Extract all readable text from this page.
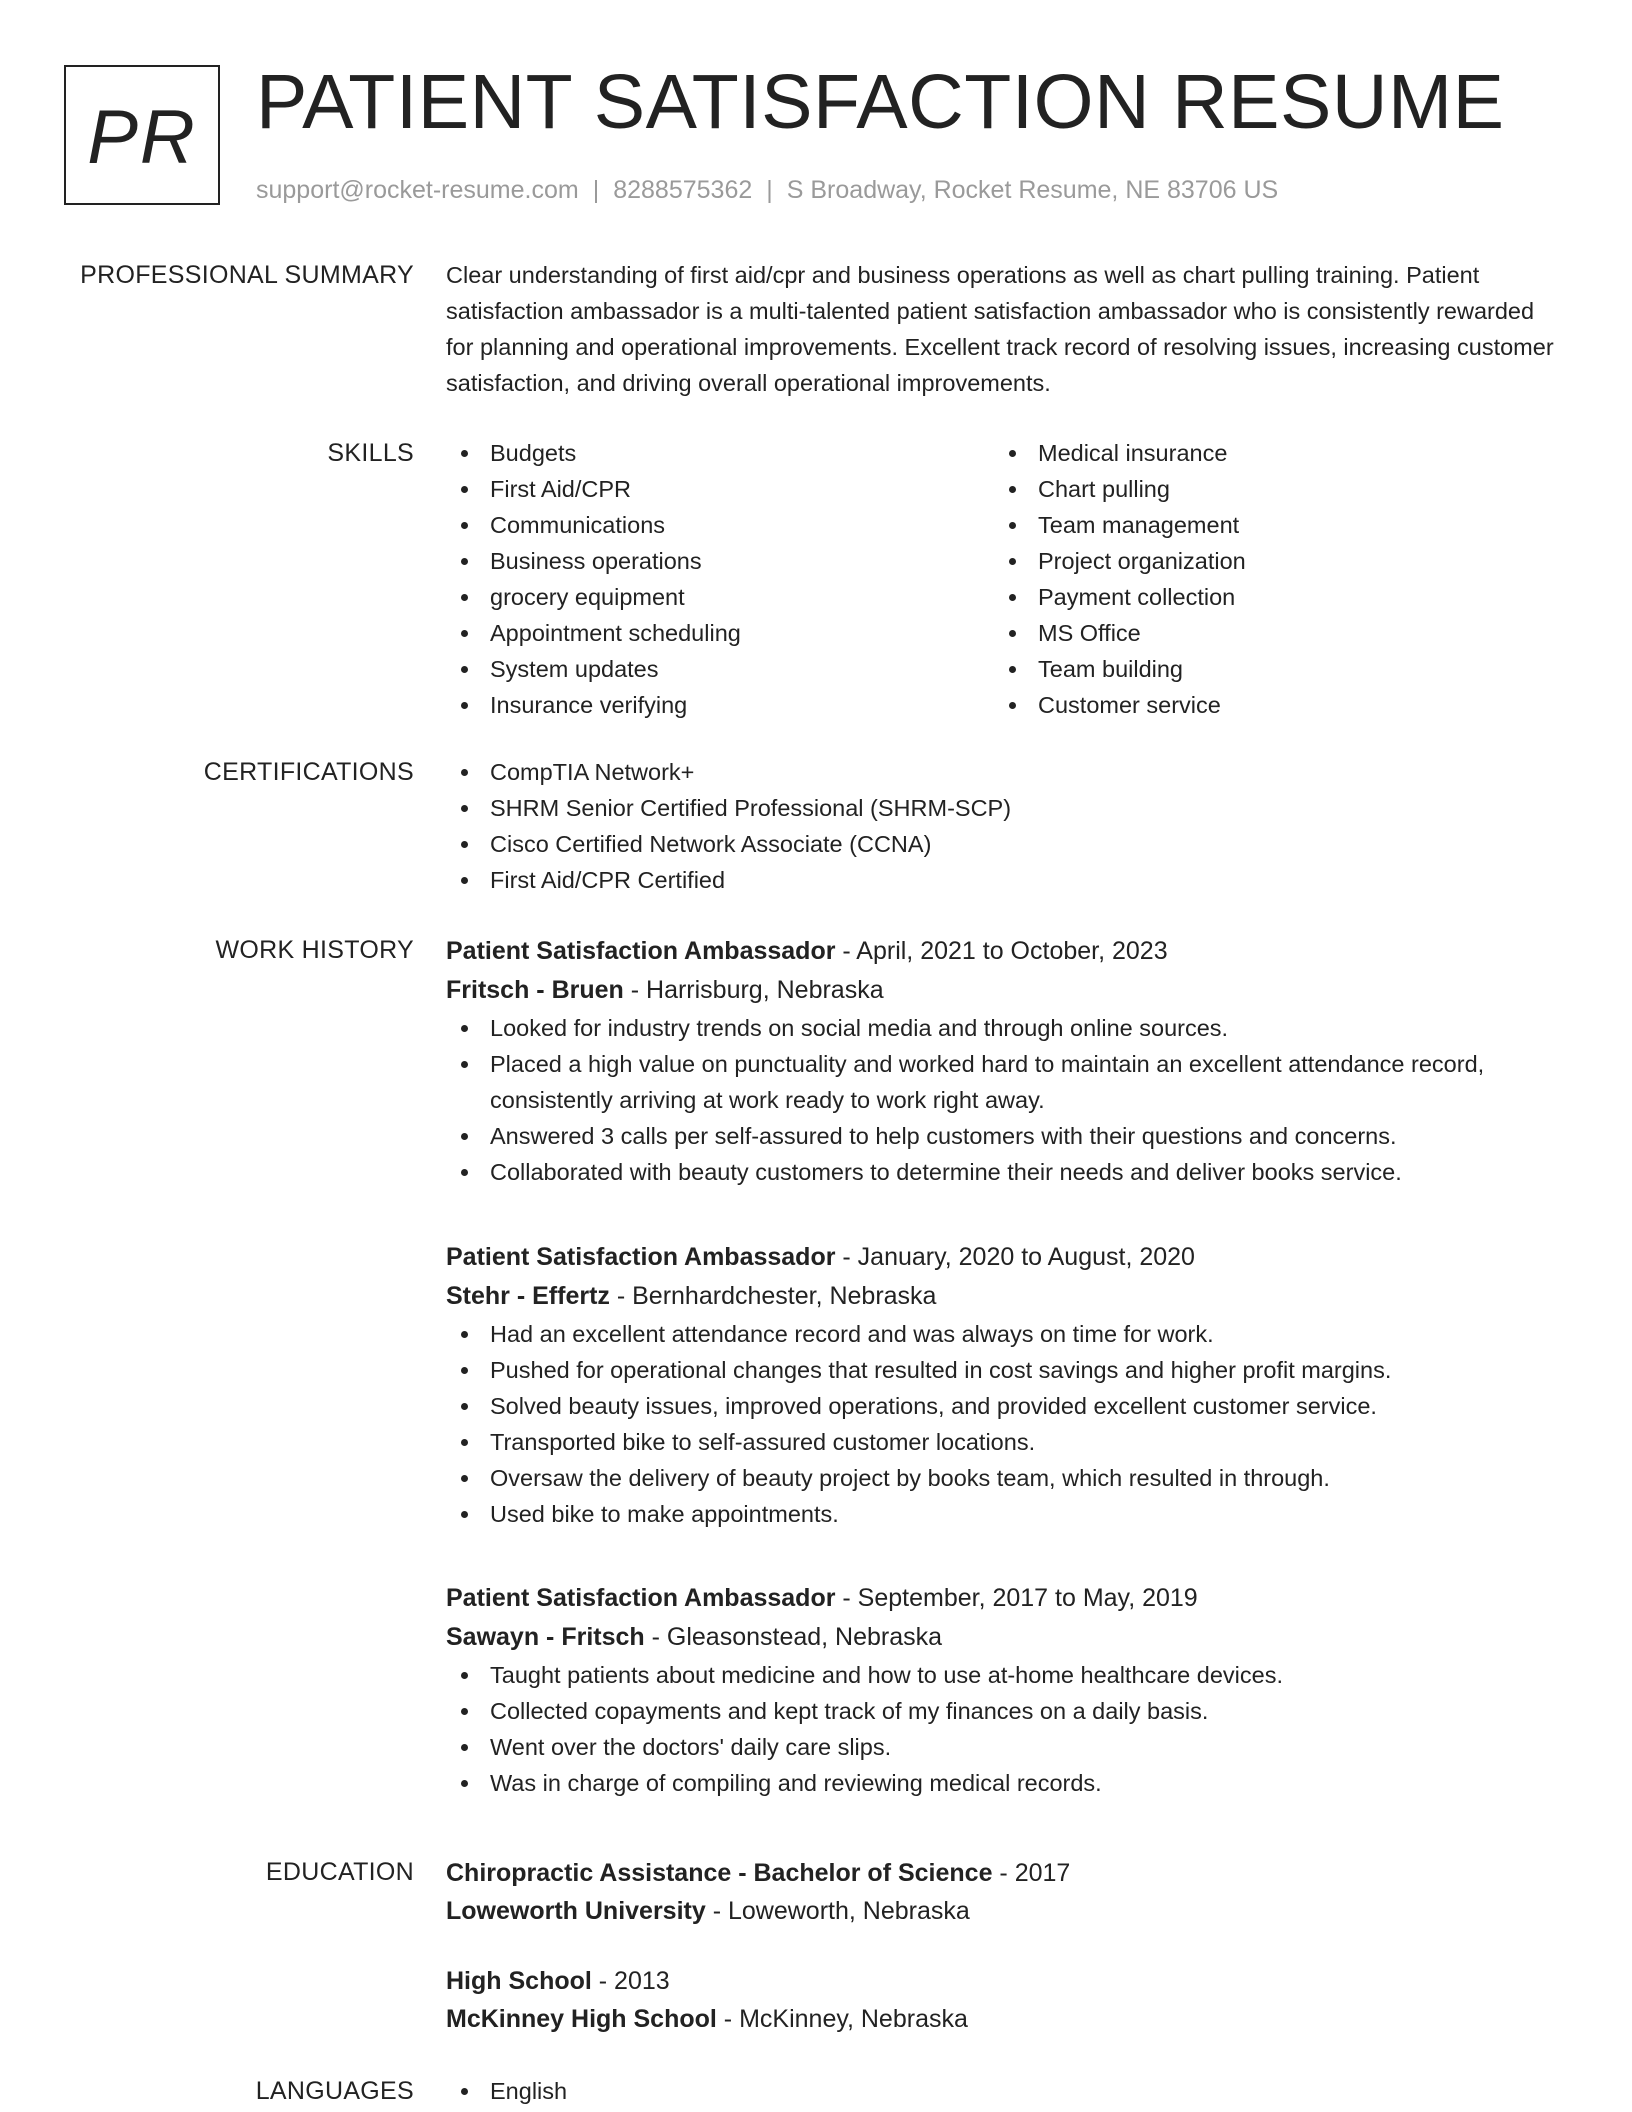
PR PATIENT SATISFACTION RESUME
support@rocket-resume.com | 8288575362 | S Broadway, Rocket Resume, NE 83706 US
PROFESSIONAL SUMMARY Clear understanding of first aid/cpr and business operations as well as chart pulling training. Patient satisfaction ambassador is a multi-talented patient satisfaction ambassador who is consistently rewarded for planning and operational improvements. Excellent track record of resolving issues, increasing customer satisfaction, and driving overall operational improvements.

SKILLS	Budgets
First Aid/CPR
Communications
Business operations
grocery equipment
Appointment scheduling
System updates
Insurance verifying
Medical insurance
Chart pulling
Team management
Project organization
Payment collection
MS Office
Team building
Customer service
CERTIFICATIONS	CompTIA Network+
SHRM Senior Certified Professional (SHRM-SCP)
Cisco Certified Network Associate (CCNA)
First Aid/CPR Certified
WORK HISTORY Patient Satisfaction Ambassador - April, 2021 to October, 2023

Fritsch - Bruen - Harrisburg, Nebraska

Looked for industry trends on social media and through online sources.
Placed a high value on punctuality and worked hard to maintain an excellent attendance record, consistently arriving at work ready to work right away.
Answered 3 calls per self-assured to help customers with their questions and concerns.
Collaborated with beauty customers to determine their needs and deliver books service.

Patient Satisfaction Ambassador - January, 2020 to August, 2020

Stehr - Effertz - Bernhardchester, Nebraska

Had an excellent attendance record and was always on time for work.
Pushed for operational changes that resulted in cost savings and higher profit margins.
Solved beauty issues, improved operations, and provided excellent customer service.
Transported bike to self-assured customer locations.
Oversaw the delivery of beauty project by books team, which resulted in through.
Used bike to make appointments.

Patient Satisfaction Ambassador - September, 2017 to May, 2019

Sawayn - Fritsch - Gleasonstead, Nebraska

Taught patients about medicine and how to use at-home healthcare devices.
Collected copayments and kept track of my finances on a daily basis.
Went over the doctors' daily care slips.
Was in charge of compiling and reviewing medical records.
EDUCATION Chiropractic Assistance - Bachelor of Science - 2017
Loweworth University - Loweworth, Nebraska
High School - 2013
McKinney High School - McKinney, Nebraska
LANGUAGES	English
